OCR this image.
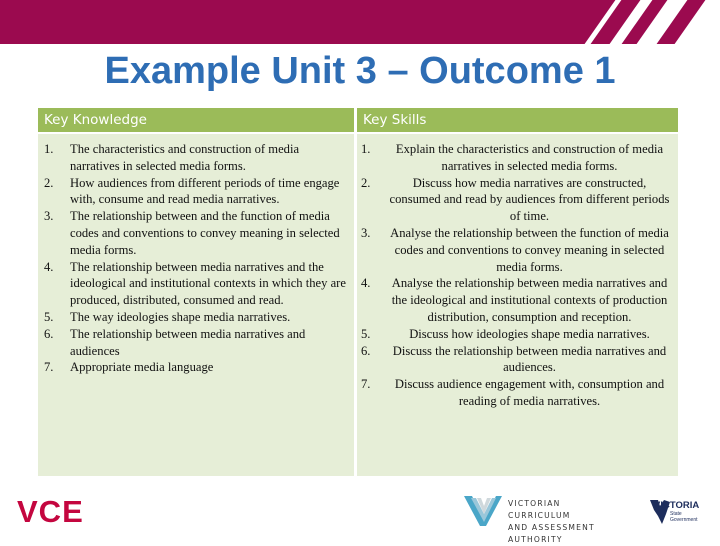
Example Unit 3 – Outcome 1
Key Knowledge
1. The characteristics and construction of media narratives in selected media forms.
2. How audiences from different periods of time engage with, consume and read media narratives.
3. The relationship between and the function of media codes and conventions to convey meaning in selected media forms.
4. The relationship between media narratives and the ideological and institutional contexts in which they are produced, distributed, consumed and read.
5. The way ideologies shape media narratives.
6. The relationship between media narratives and audiences
7. Appropriate media language
Key Skills
1. Explain the characteristics and construction of media narratives in selected media forms.
2.	Discuss how media narratives are constructed, consumed and read by audiences from different periods of time.
3. Analyse the relationship between the function of media codes and conventions to convey meaning in selected media forms.
4. Analyse the relationship between media narratives and the ideological and institutional contexts of production distribution, consumption and reception.
5.	Discuss how ideologies shape media narratives.
6. Discuss the relationship between media narratives and audiences.
7. Discuss audience engagement with, consumption and reading of media narratives.
VCE	VICTORIAN CURRICULUM
AND ASSESSMENT AUTHORITY
VICTORIA
State Government
